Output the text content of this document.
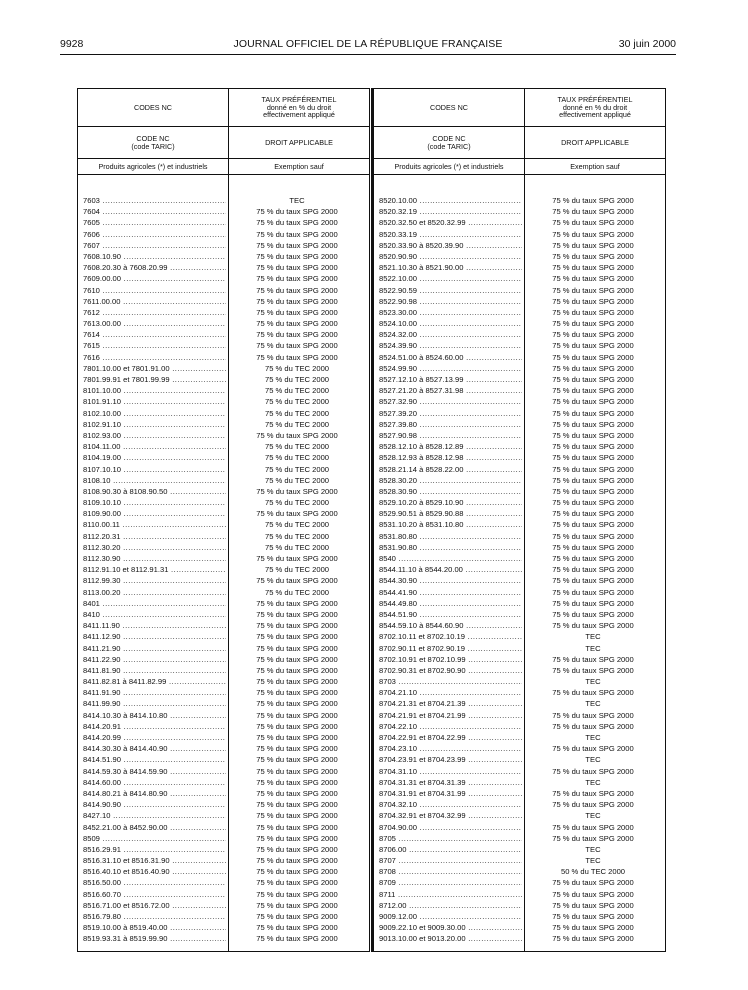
9928	JOURNAL OFFICIEL DE LA RÉPUBLIQUE FRANÇAISE	30 juin 2000
CODES NC
TAUX PRÉFÉRENTIEL
donné en % du droit
effectivement appliqué
CODE NC
(code TARIC)	DROIT APPLICABLE
Produits agricoles (*) et industriels	Exemption sauf
7603 .....	TEC
7604 .....	75 % du taux SPG 2000
7605 .....	75 % du taux SPG 2000
7606 .....	75 % du taux SPG 2000
7607 .....	75 % du taux SPG 2000
7608.10.90 .....	75 % du taux SPG 2000
7608.20.30 à 7608.20.99 .....	75 % du taux SPG 2000
7609.00.00 .....	75 % du taux SPG 2000
7610 .....	75 % du taux SPG 2000
7611.00.00 .....	75 % du taux SPG 2000
7612 .....	75 % du taux SPG 2000
7613.00.00 .....	75 % du taux SPG 2000
7614 .....	75 % du taux SPG 2000
7615 .....	75 % du taux SPG 2000
7616 .....	75 % du taux SPG 2000
7801.10.00 et 7801.91.00 .....	75 % du TEC 2000
7801.99.91 et 7801.99.99 .....	75 % du TEC 2000
8101.10.00 .....	75 % du TEC 2000
8101.91.10 .....	75 % du TEC 2000
8102.10.00 .....	75 % du TEC 2000
8102.91.10 .....	75 % du TEC 2000
8102.93.00 .....	75 % du taux SPG 2000
8104.11.00 .....	75 % du TEC 2000
8104.19.00 .....	75 % du TEC 2000
8107.10.10 .....	75 % du TEC 2000
8108.10 .....	75 % du TEC 2000
8108.90.30 à 8108.90.50 .....	75 % du taux SPG 2000
8109.10.10 .....	75 % du TEC 2000
8109.90.00 .....	75 % du taux SPG 2000
8110.00.11 .....	75 % du TEC 2000
8112.20.31 .....	75 % du TEC 2000
8112.30.20 .....	75 % du TEC 2000
8112.30.90 .....	75 % du taux SPG 2000
8112.91.10 et 8112.91.31 .....	75 % du TEC 2000
8112.99.30 .....	75 % du taux SPG 2000
8113.00.20 .....	75 % du TEC 2000
8401 .....	75 % du taux SPG 2000
8410 .....	75 % du taux SPG 2000
8411.11.90 .....	75 % du taux SPG 2000
8411.12.90 .....	75 % du taux SPG 2000
8411.21.90 .....	75 % du taux SPG 2000
8411.22.90 .....	75 % du taux SPG 2000
8411.81.90 .....	75 % du taux SPG 2000
8411.82.81 à 8411.82.99 .....	75 % du taux SPG 2000
8411.91.90 .....	75 % du taux SPG 2000
8411.99.90 .....	75 % du taux SPG 2000
8414.10.30 à 8414.10.80 .....	75 % du taux SPG 2000
8414.20.91 .....	75 % du taux SPG 2000
8414.20.99 .....	75 % du taux SPG 2000
8414.30.30 à 8414.40.90 .....	75 % du taux SPG 2000
8414.51.90 .....	75 % du taux SPG 2000
8414.59.30 à 8414.59.90 .....	75 % du taux SPG 2000
8414.60.00 .....	75 % du taux SPG 2000
8414.80.21 à 8414.80.90 .....	75 % du taux SPG 2000
8414.90.90 .....	75 % du taux SPG 2000
8427.10 .....	75 % du taux SPG 2000
8452.21.00 à 8452.90.00 .....	75 % du taux SPG 2000
8509 .....	75 % du taux SPG 2000
8516.29.91 .....	75 % du taux SPG 2000
8516.31.10 et 8516.31.90 .....	75 % du taux SPG 2000
8516.40.10 et 8516.40.90 .....	75 % du taux SPG 2000
8516.50.00 .....	75 % du taux SPG 2000
8516.60.70 .....	75 % du taux SPG 2000
8516.71.00 et 8516.72.00 .....	75 % du taux SPG 2000
8516.79.80 .....	75 % du taux SPG 2000
8519.10.00 à 8519.40.00 .....	75 % du taux SPG 2000
8519.93.31 à 8519.99.90 .....	75 % du taux SPG 2000
CODES NC
TAUX PRÉFÉRENTIEL
donné en % du droit
effectivement appliqué
CODE NC
(code TARIC)	DROIT APPLICABLE
Produits agricoles (*) et industriels	Exemption sauf
8520.10.00 .....	75 % du taux SPG 2000
8520.32.19 .....	75 % du taux SPG 2000
8520.32.50 et 8520.32.99 .....	75 % du taux SPG 2000
8520.33.19 .....	75 % du taux SPG 2000
8520.33.90 à 8520.39.90 .....	75 % du taux SPG 2000
8520.90.90 .....	75 % du taux SPG 2000
8521.10.30 à 8521.90.00 .....	75 % du taux SPG 2000
8522.10.00 .....	75 % du taux SPG 2000
8522.90.59 .....	75 % du taux SPG 2000
8522.90.98 .....	75 % du taux SPG 2000
8523.30.00 .....	75 % du taux SPG 2000
8524.10.00 .....	75 % du taux SPG 2000
8524.32.00 .....	75 % du taux SPG 2000
8524.39.90 .....	75 % du taux SPG 2000
8524.51.00 à 8524.60.00 .....	75 % du taux SPG 2000
8524.99.90 .....	75 % du taux SPG 2000
8527.12.10 à 8527.13.99 .....	75 % du taux SPG 2000
8527.21.20 à 8527.31.98 .....	75 % du taux SPG 2000
8527.32.90 .....	75 % du taux SPG 2000
8527.39.20 .....	75 % du taux SPG 2000
8527.39.80 .....	75 % du taux SPG 2000
8527.90.98 .....	75 % du taux SPG 2000
8528.12.10 à 8528.12.89 .....	75 % du taux SPG 2000
8528.12.93 à 8528.12.98 .....	75 % du taux SPG 2000
8528.21.14 à 8528.22.00 .....	75 % du taux SPG 2000
8528.30.20 .....	75 % du taux SPG 2000
8528.30.90 .....	75 % du taux SPG 2000
8529.10.20 à 8529.10.90 .....	75 % du taux SPG 2000
8529.90.51 à 8529.90.88 .....	75 % du taux SPG 2000
8531.10.20 à 8531.10.80 .....	75 % du taux SPG 2000
8531.80.80 .....	75 % du taux SPG 2000
8531.90.80 .....	75 % du taux SPG 2000
8540 .....	75 % du taux SPG 2000
8544.11.10 à 8544.20.00 .....	75 % du taux SPG 2000
8544.30.90 .....	75 % du taux SPG 2000
8544.41.90 .....	75 % du taux SPG 2000
8544.49.80 .....	75 % du taux SPG 2000
8544.51.90 .....	75 % du taux SPG 2000
8544.59.10 à 8544.60.90 .....	75 % du taux SPG 2000
8702.10.11 et 8702.10.19 .....	TEC
8702.90.11 et 8702.90.19 .....	TEC
8702.10.91 et 8702.10.99 .....	75 % du taux SPG 2000
8702.90.31 et 8702.90.90 .....	75 % du taux SPG 2000
8703 .....	TEC
8704.21.10 .....	75 % du taux SPG 2000
8704.21.31 et 8704.21.39 .....	TEC
8704.21.91 et 8704.21.99 .....	75 % du taux SPG 2000
8704.22.10 .....	75 % du taux SPG 2000
8704.22.91 et 8704.22.99 .....	TEC
8704.23.10 .....	75 % du taux SPG 2000
8704.23.91 et 8704.23.99 .....	TEC
8704.31.10 .....	75 % du taux SPG 2000
8704.31.31 et 8704.31.39 .....	TEC
8704.31.91 et 8704.31.99 .....	75 % du taux SPG 2000
8704.32.10 .....	75 % du taux SPG 2000
8704.32.91 et 8704.32.99 .....	TEC
8704.90.00 .....	75 % du taux SPG 2000
8705 .....	75 % du taux SPG 2000
8706.00 .....	TEC
8707 .....	TEC
8708 .....	50 % du TEC 2000
8709 .....	75 % du taux SPG 2000
8711 .....	75 % du taux SPG 2000
8712.00 .....	75 % du taux SPG 2000
9009.12.00 .....	75 % du taux SPG 2000
9009.22.10 et 9009.30.00 .....	75 % du taux SPG 2000
9013.10.00 et 9013.20.00 .....	75 % du taux SPG 2000
